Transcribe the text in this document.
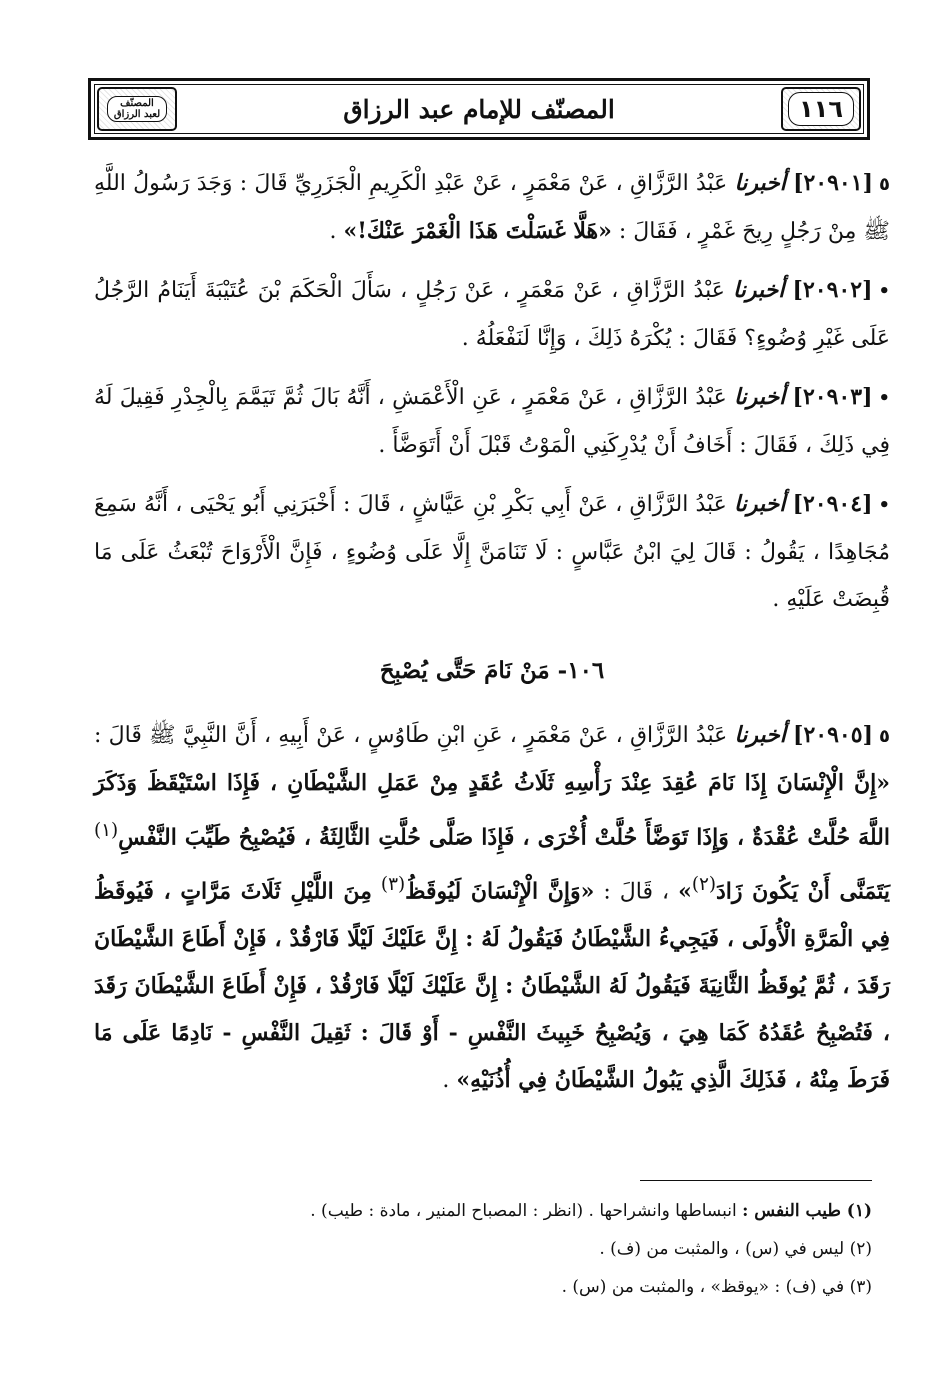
المصنّف
لعبد الرزاق	المصنّف للإمام عبد الرزاق	١١٦

٥[٢٠٩٠١] أخبرنا عَبْدُ الرَّزَّاقِ ، عَنْ مَعْمَرٍ ، عَنْ عَبْدِ الْكَرِيمِ الْجَزَرِيِّ قَالَ : وَجَدَ رَسُولُ اللَّهِ ﷺ مِنْ رَجُلٍ رِيحَ غَمْرٍ ، فَقَالَ : «هَلَّا غَسَلْتَ هَذَا الْغَمْرَ عَنْكَ!» .

•[٢٠٩٠٢] أخبرنا عَبْدُ الرَّزَّاقِ ، عَنْ مَعْمَرٍ ، عَنْ رَجُلٍ ، سَأَلَ الْحَكَمَ بْنَ عُتَيْبَةَ أَيَنَامُ الرَّجُلُ عَلَى غَيْرِ وُضُوءٍ؟ فَقَالَ : يُكْرَهُ ذَلِكَ ، وَإِنَّا لَنَفْعَلُهُ .

•[٢٠٩٠٣] أخبرنا عَبْدُ الرَّزَّاقِ ، عَنْ مَعْمَرٍ ، عَنِ الْأَعْمَشِ ، أَنَّهُ بَالَ ثُمَّ تَيَمَّمَ بِالْجِدْرِ فَقِيلَ لَهُ فِي ذَلِكَ ، فَقَالَ : أَخَافُ أَنْ يُدْرِكَنِي الْمَوْتُ قَبْلَ أَنْ أَتَوَضَّأَ .

•[٢٠٩٠٤] أخبرنا عَبْدُ الرَّزَّاقِ ، عَنْ أَبِي بَكْرِ بْنِ عَيَّاشٍ ، قَالَ : أَخْبَرَنِي أَبُو يَحْيَى ، أَنَّهُ سَمِعَ مُجَاهِدًا ، يَقُولُ : قَالَ لِيَ ابْنُ عَبَّاسٍ : لَا تَنَامَنَّ إِلَّا عَلَى وُضُوءٍ ، فَإِنَّ الْأَرْوَاحَ تُبْعَثُ عَلَى مَا قُبِضَتْ عَلَيْهِ .

١٠٦- مَنْ نَامَ حَتَّى يُصْبِحَ

٥[٢٠٩٠٥] أخبرنا عَبْدُ الرَّزَّاقِ ، عَنْ مَعْمَرٍ ، عَنِ ابْنِ طَاوُسٍ ، عَنْ أَبِيهِ ، أَنَّ النَّبِيَّ ﷺ قَالَ : «إِنَّ الْإِنْسَانَ إِذَا نَامَ عُقِدَ عِنْدَ رَأْسِهِ ثَلَاثُ عُقَدٍ مِنْ عَمَلِ الشَّيْطَانِ ، فَإِذَا اسْتَيْقَظَ وَذَكَرَ اللَّهَ حُلَّتْ عُقْدَةٌ ، وَإِذَا تَوَضَّأَ حُلَّتْ أُخْرَى ، فَإِذَا صَلَّى حُلَّتِ الثَّالِثَةُ ، فَيُصْبِحُ طَيِّبَ النَّفْسِ$^{(١)}$ يَتَمَنَّى أَنْ يَكُونَ زَادَ$^{(٢)}$» ، قَالَ : «وَإِنَّ الْإِنْسَانَ لَيُوقَظُ$^{(٣)}$ مِنَ اللَّيْلِ ثَلَاثَ مَرَّاتٍ ، فَيُوقَظُ فِي الْمَرَّةِ الْأُولَى ، فَيَجِيءُ الشَّيْطَانُ فَيَقُولُ لَهُ : إِنَّ عَلَيْكَ لَيْلًا فَارْقُدْ ، فَإِنْ أَطَاعَ الشَّيْطَانَ رَقَدَ ، ثُمَّ يُوقَظُ الثَّانِيَةَ فَيَقُولُ لَهُ الشَّيْطَانُ : إِنَّ عَلَيْكَ لَيْلًا فَارْقُدْ ، فَإِنْ أَطَاعَ الشَّيْطَانَ رَقَدَ ، فَتُصْبِحُ عُقَدُهُ كَمَا هِيَ ، وَيُصْبِحُ خَبِيثَ النَّفْسِ - أَوْ قَالَ : ثَقِيلَ النَّفْسِ - نَادِمًا عَلَى مَا فَرَطَ مِنْهُ ، فَذَلِكَ الَّذِي يَبُولُ الشَّيْطَانُ فِي أُذُنَيْهِ» .

(١) طيب النفس : انبساطها وانشراحها . (انظر : المصباح المنير ، مادة : طيب) .
(٢) ليس في (س) ، والمثبت من (ف) .
(٣) في (ف) : «يوقظ» ، والمثبت من (س) .
